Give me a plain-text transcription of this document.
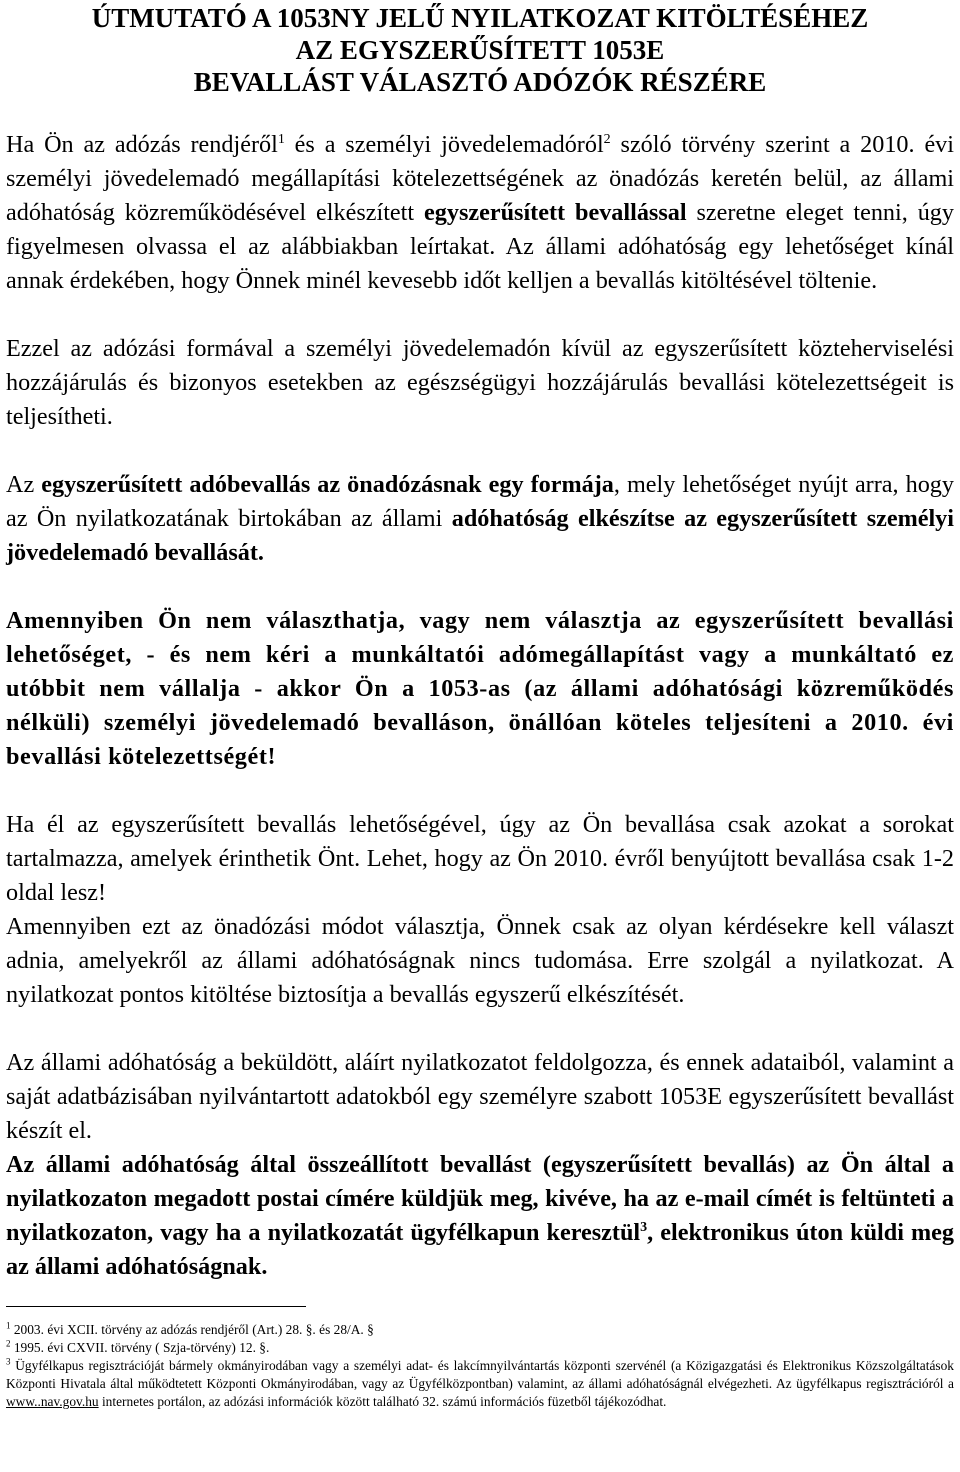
ÚTMUTATÓ A 1053NY JELŰ NYILATKOZAT KITÖLTÉSÉHEZ
AZ EGYSZERŰSÍTETT 1053E
BEVALLÁST VÁLASZTÓ ADÓZÓK RÉSZÉRE

Ha Ön az adózás rendjéről$^1$ és a személyi jövedelemadóról$^2$ szóló törvény szerint a 2010. évi személyi jövedelemadó megállapítási kötelezettségének az önadózás keretén belül, az állami adóhatóság közreműködésével elkészített egyszerűsített bevallással szeretne eleget tenni, úgy figyelmesen olvassa el az alábbiakban leírtakat. Az állami adóhatóság egy lehetőséget kínál annak érdekében, hogy Önnek minél kevesebb időt kelljen a bevallás kitöltésével töltenie.

Ezzel az adózási formával a személyi jövedelemadón kívül az egyszerűsített közteherviselési hozzájárulás és bizonyos esetekben az egészségügyi hozzájárulás bevallási kötelezettségeit is teljesítheti.

Az egyszerűsített adóbevallás az önadózásnak egy formája, mely lehetőséget nyújt arra, hogy az Ön nyilatkozatának birtokában az állami adóhatóság elkészítse az egyszerűsített személyi jövedelemadó bevallását.

Amennyiben Ön nem választhatja, vagy nem választja az egyszerűsített bevallási lehetőséget, - és nem kéri a munkáltatói adómegállapítást vagy a munkáltató ez utóbbit nem vállalja - akkor Ön a 1053-as (az állami adóhatósági közreműködés nélküli) személyi jövedelemadó bevalláson, önállóan köteles teljesíteni a 2010. évi bevallási kötelezettségét!

Ha él az egyszerűsített bevallás lehetőségével, úgy az Ön bevallása csak azokat a sorokat tartalmazza, amelyek érinthetik Önt. Lehet, hogy az Ön 2010. évről benyújtott bevallása csak 1-2 oldal lesz!

Amennyiben ezt az önadózási módot választja, Önnek csak az olyan kérdésekre kell választ adnia, amelyekről az állami adóhatóságnak nincs tudomása. Erre szolgál a nyilatkozat. A nyilatkozat pontos kitöltése biztosítja a bevallás egyszerű elkészítését.

Az állami adóhatóság a beküldött, aláírt nyilatkozatot feldolgozza, és ennek adataiból, valamint a saját adatbázisában nyilvántartott adatokból egy személyre szabott 1053E egyszerűsített bevallást készít el.

Az állami adóhatóság által összeállított bevallást (egyszerűsített bevallás) az Ön által a nyilatkozaton megadott postai címére küldjük meg, kivéve, ha az e-mail címét is feltünteti a nyilatkozaton, vagy ha a nyilatkozatát ügyfélkapun keresztül$^3$, elektronikus úton küldi meg az állami adóhatóságnak.

$^1$ 2003. évi XCII. törvény az adózás rendjéről (Art.) 28. §. és 28/A. §

$^2$ 1995. évi CXVII. törvény ( Szja-törvény) 12. §.

$^3$ Ügyfélkapus regisztrációját bármely okmányirodában vagy a személyi adat- és lakcímnyilvántartás központi szervénél (a Közigazgatási és Elektronikus Közszolgáltatások Központi Hivatala által működtetett Központi Okmányirodában, vagy az Ügyfélközpontban) valamint, az állami adóhatóságnál elvégezheti. Az ügyfélkapus regisztrációról a www..nav.gov.hu internetes portálon, az adózási információk között található 32. számú információs füzetből tájékozódhat.
